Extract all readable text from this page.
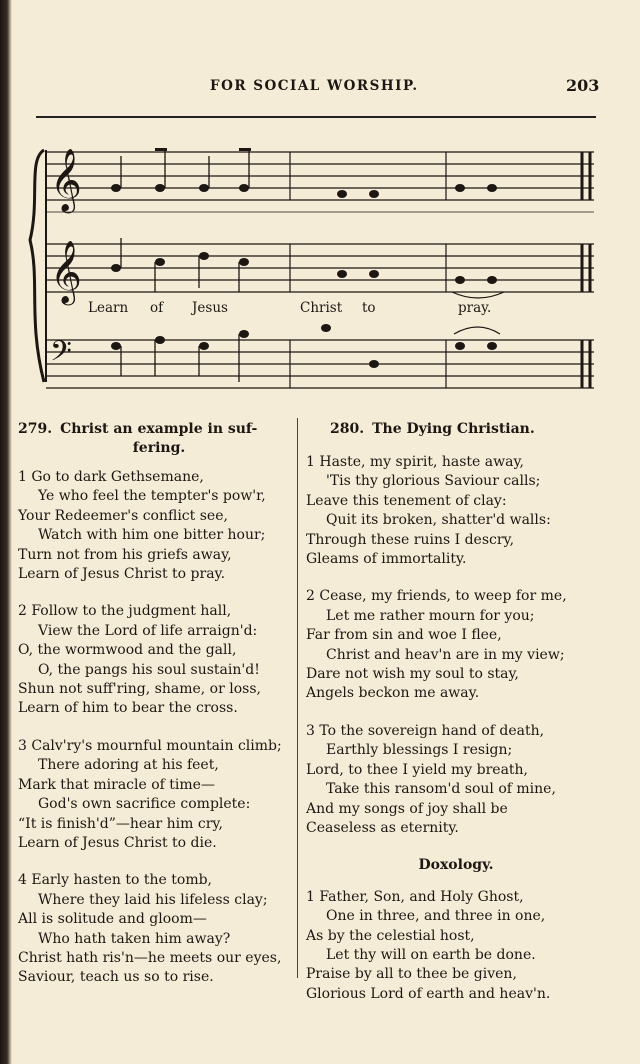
FOR SOCIAL WORSHIP.	203
𝄞
𝄞
Learn of Jesus	Christ to	pray.
𝄢
279. Christ an example in suf-
fering.
1 Go to dark Gethsemane,
Ye who feel the tempter's pow'r,
Your Redeemer's conflict see,
Watch with him one bitter hour;
Turn not from his griefs away,
Learn of Jesus Christ to pray.
2 Follow to the judgment hall,
View the Lord of life arraign'd:
O, the wormwood and the gall,
O, the pangs his soul sustain'd!
Shun not suff'ring, shame, or loss,
Learn of him to bear the cross.
3 Calv'ry's mournful mountain climb;
There adoring at his feet,
Mark that miracle of time—
God's own sacrifice complete:
“It is finish'd”—hear him cry,
Learn of Jesus Christ to die.
4 Early hasten to the tomb,
Where they laid his lifeless clay;
All is solitude and gloom—
Who hath taken him away?
Christ hath ris'n—he meets our eyes,
Saviour, teach us so to rise.
280. The Dying Christian.
1 Haste, my spirit, haste away,
'Tis thy glorious Saviour calls;
Leave this tenement of clay:
Quit its broken, shatter'd walls:
Through these ruins I descry,
Gleams of immortality.
2 Cease, my friends, to weep for me,
Let me rather mourn for you;
Far from sin and woe I flee,
Christ and heav'n are in my view;
Dare not wish my soul to stay,
Angels beckon me away.
3 To the sovereign hand of death,
Earthly blessings I resign;
Lord, to thee I yield my breath,
Take this ransom'd soul of mine,
And my songs of joy shall be
Ceaseless as eternity.
Doxology.
1 Father, Son, and Holy Ghost,
One in three, and three in one,
As by the celestial host,
Let thy will on earth be done.
Praise by all to thee be given,
Glorious Lord of earth and heav'n.
